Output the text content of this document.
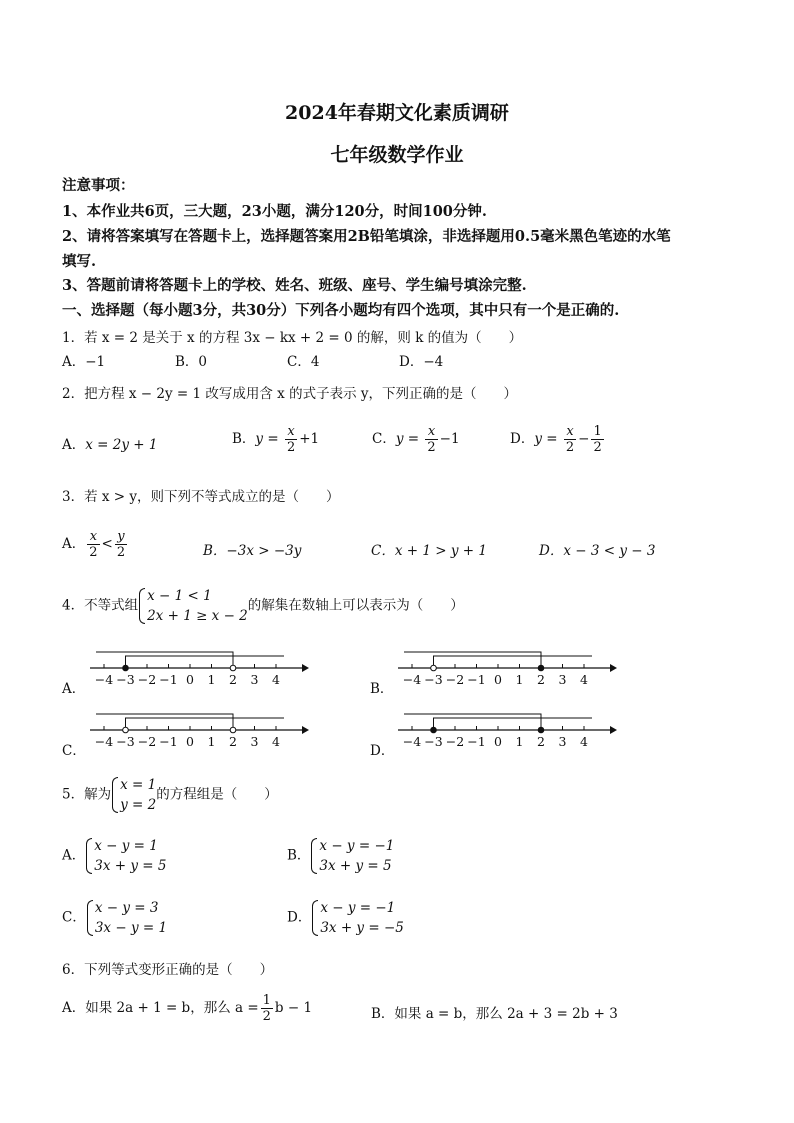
2024年春期文化素质调研
七年级数学作业
注意事项：
1、本作业共6页，三大题，23小题，满分120分，时间100分钟.
2、请将答案填写在答题卡上，选择题答案用2B铅笔填涂，非选择题用0.5毫米黑色笔迹的水笔
填写.
3、答题前请将答题卡上的学校、姓名、班级、座号、学生编号填涂完整.
一、选择题（每小题3分，共30分）下列各小题均有四个选项，其中只有一个是正确的.
1．若 x = 2 是关于 x 的方程 3x − kx + 2 = 0 的解，则 k 的值为（　　）
A．−1	B．0	C．4	D．−4
2．把方程 x − 2y = 1 改写成用含 x 的式子表示 y，下列正确的是（　　）
A．x = 2y + 1	B．$y = \frac{x}{2} +1$	C．$y = \frac{x}{2} -1$	D．$y = \frac{x}{2} - \frac{1}{2}$
3．若 x > y，则下列不等式成立的是（　　）
A． $\frac{x}{2} < \frac{y}{2}$	B．−3x > −3y	C．x + 1 > y + 1	D．x − 3 < y − 3
4．不等式组
x − 1 < 1
2x + 1 ≥ x − 2
的解集在数轴上可以表示为（　　）
A．	B．
C．	D．
−4 −3 −2 −1 0 1 2 3 4	−4 −3 −2 −1 0 1 2 3 4
−4 −3 −2 −1 0 1 2 3 4	−4 −3 −2 −1 0 1 2 3 4
5．解为
x = 1
y = 2
的方程组是（　　）
A．
x − y = 1
3x + y = 5
B．
x − y = −1
3x + y = 5
C．
x − y = 3
3x − y = 1
D．
x − y = −1
3x + y = −5
6．下列等式变形正确的是（　　）
A．如果 2a + 1 = b，那么 $a = \frac{1}{2}$ b − 1	B．如果 a = b，那么 2a + 3 = 2b + 3
